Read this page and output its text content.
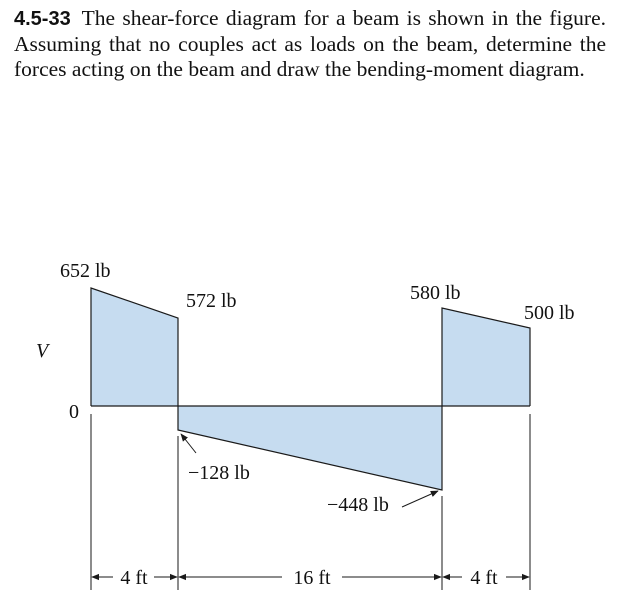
4.5-33 The shear-force diagram for a beam is shown in the figure. Assuming that no couples act as loads on the beam, determine the forces acting on the beam and draw the bending-moment diagram.
V
0
652 lb
572 lb
−128 lb
−448 lb
580 lb
500 lb
4 ft	16 ft	4 ft
